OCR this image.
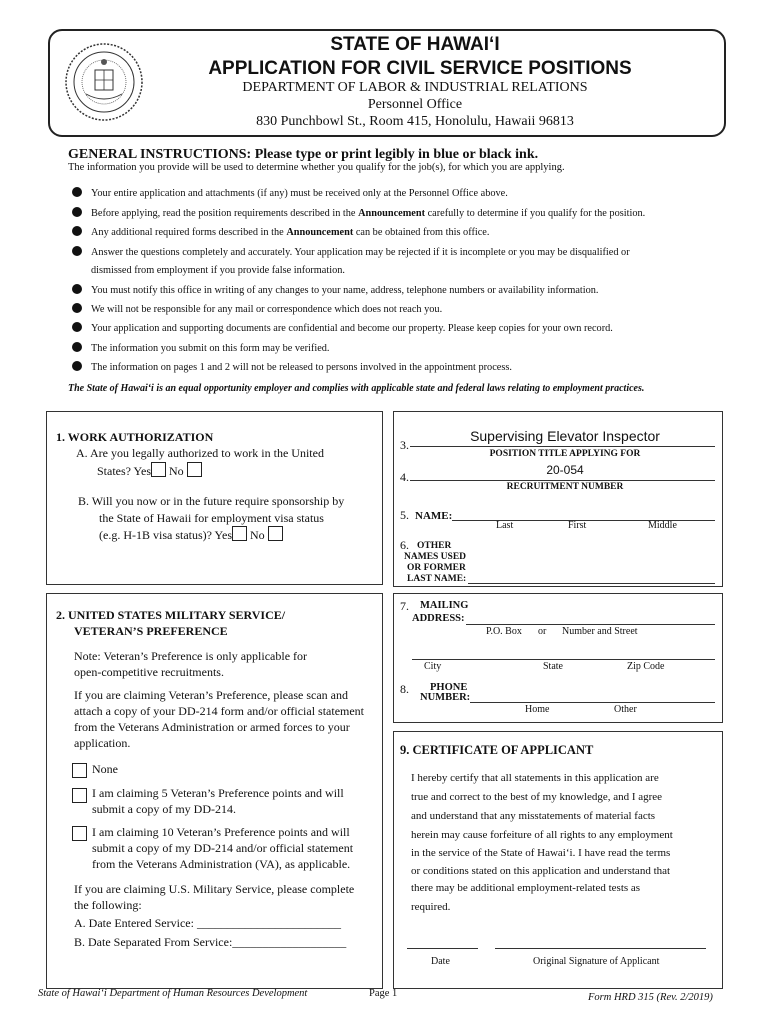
STATE OF HAWAI‘I
APPLICATION FOR CIVIL SERVICE POSITIONS
DEPARTMENT OF LABOR & INDUSTRIAL RELATIONS
Personnel Office
830 Punchbowl St., Room 415, Honolulu, Hawaii 96813
GENERAL INSTRUCTIONS: Please type or print legibly in blue or black ink.
The information you provide will be used to determine whether you qualify for the job(s), for which you are applying.
Your entire application and attachments (if any) must be received only at the Personnel Office above.
Before applying, read the position requirements described in the Announcement carefully to determine if you qualify for the position.
Any additional required forms described in the Announcement can be obtained from this office.
Answer the questions completely and accurately. Your application may be rejected if it is incomplete or you may be disqualified or
dismissed from employment if you provide false information.
You must notify this office in writing of any changes to your name, address, telephone numbers or availability information.
We will not be responsible for any mail or correspondence which does not reach you.
Your application and supporting documents are confidential and become our property. Please keep copies for your own record.
The information you submit on this form may be verified.
The information on pages 1 and 2 will not be released to persons involved in the appointment process.
The State of Hawai‘i is an equal opportunity employer and complies with applicable state and federal laws relating to employment practices.
1. WORK AUTHORIZATION
A. Are you legally authorized to work in the United
States? Yes No
B. Will you now or in the future require sponsorship by
the State of Hawaii for employment visa status
(e.g. H-1B visa status)? Yes No
3.
Supervising Elevator Inspector
POSITION TITLE APPLYING FOR
4.	20-054
RECRUITMENT NUMBER
5. NAME:
Last	First	Middle
6. OTHER
NAMES USED
OR FORMER
LAST NAME:
2. UNITED STATES MILITARY SERVICE/
VETERAN’S PREFERENCE
Note: Veteran’s Preference is only applicable for
open-competitive recruitments.
If you are claiming Veteran’s Preference, please scan and
attach a copy of your DD-214 form and/or official statement
from the Veterans Administration or armed forces to your
application.
None
I am claiming 5 Veteran’s Preference points and will
submit a copy of my DD-214.
I am claiming 10 Veteran’s Preference points and will
submit a copy of my DD-214 and/or official statement
from the Veterans Administration (VA), as applicable.
If you are claiming U.S. Military Service, please complete
the following:
A. Date Entered Service: ________________________
B. Date Separated From Service:___________________
7. MAILING
ADDRESS:
P.O. Box or Number and Street
City	State	Zip Code
8. PHONE
NUMBER:
Home	Other
9. CERTIFICATE OF APPLICANT
I hereby certify that all statements in this application are
true and correct to the best of my knowledge, and I agree
and understand that any misstatements of material facts
herein may cause forfeiture of all rights to any employment
in the service of the State of Hawai‘i. I have read the terms
or conditions stated on this application and understand that
there may be additional employment-related tests as
required.
Date	Original Signature of Applicant
State of Hawai‘i Department of Human Resources Development	Page 1	Form HRD 315 (Rev. 2/2019)
